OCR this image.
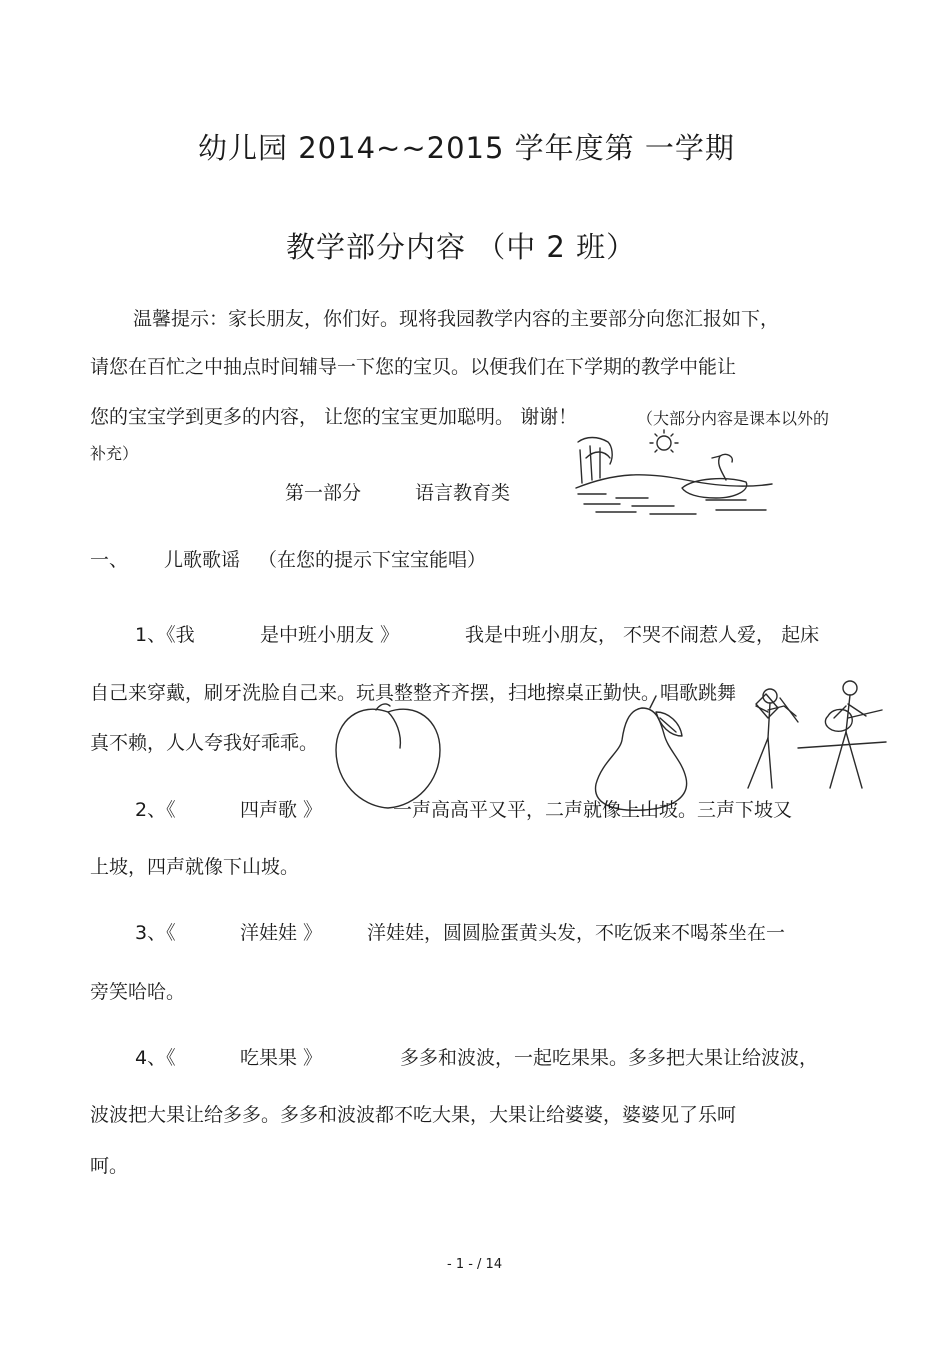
幼儿园 2014~~2015 学年度第 一学期
教学部分内容 （中 2 班）
温馨提示：家长朋友，你们好。现将我园教学内容的主要部分向您汇报如下，
请您在百忙之中抽点时间辅导一下您的宝贝。以便我们在下学期的教学中能让
您的宝宝学到更多的内容， 让您的宝宝更加聪明。 谢谢！	（大部分内容是课本以外的
补充）
第一部分	语言教育类
一、 儿歌歌谣 （在您的提示下宝宝能唱）
1、《我	是中班小朋友 》	我是中班小朋友， 不哭不闹惹人爱， 起床
自己来穿戴，刷牙洗脸自己来。玩具整整齐齐摆，扫地擦桌正勤快。唱歌跳舞
真不赖，人人夸我好乖乖。
2、《	四声歌 》	一声高高平又平，二声就像上山坡。三声下坡又
上坡，四声就像下山坡。
3、《	洋娃娃 》 洋娃娃，圆圆脸蛋黄头发，不吃饭来不喝茶坐在一
旁笑哈哈。
4、《	吃果果 》	多多和波波，一起吃果果。多多把大果让给波波，
波波把大果让给多多。多多和波波都不吃大果，大果让给婆婆，婆婆见了乐呵
呵。
- 1 - / 14
